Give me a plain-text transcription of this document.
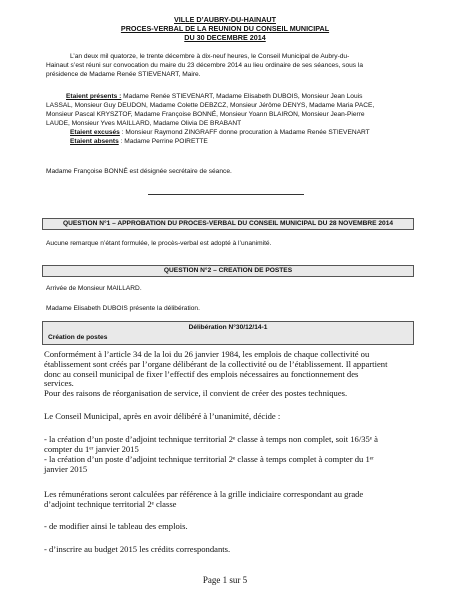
VILLE D’AUBRY-DU-HAINAUT
PROCES-VERBAL DE LA REUNION DU CONSEIL MUNICIPAL
DU 30 DECEMBRE 2014
L’an deux mil quatorze, le trente décembre à dix-neuf heures, le Conseil Municipal de Aubry-du-
Hainaut s’est réuni sur convocation du maire du 23 décembre 2014 au lieu ordinaire de ses séances, sous la
présidence de Madame Renée STIEVENART, Maire.
Etaient présents : Madame Renée STIEVENART, Madame Elisabeth DUBOIS, Monsieur Jean Louis
LASSAL, Monsieur Guy DEUDON, Madame Colette DEBZCZ, Monsieur Jérôme DENYS, Madame Maria PACE,
Monsieur Pascal KRYSZTOF, Madame Françoise BONNÉ, Monsieur Yoann BLAIRON, Monsieur Jean-Pierre
LAUDE, Monsieur Yves MAILLARD, Madame Olivia DE BRABANT
Etaient excusés : Monsieur Raymond ZINGRAFF donne procuration à Madame Renée STIEVENART
Etaient absents : Madame Perrine POIRETTE
Madame Françoise BONNÉ est désignée secrétaire de séance.
QUESTION N°1 – APPROBATION DU PROCES-VERBAL DU CONSEIL MUNICIPAL DU 28 NOVEMBRE 2014
Aucune remarque n’étant formulée, le procès-verbal est adopté à l’unanimité.
QUESTION N°2 – CREATION DE POSTES
Arrivée de Monsieur MAILLARD.
Madame Elisabeth DUBOIS présente la délibération.
Délibération N°30/12/14-1
Création de postes
Conformément à l’article 34 de la loi du 26 janvier 1984, les emplois de chaque collectivité ou
établissement sont créés par l’organe délibérant de la collectivité ou de l’établissement. Il appartient
donc au conseil municipal de fixer l’effectif des emplois nécessaires au fonctionnement des
services.
Pour des raisons de réorganisation de service, il convient de créer des postes techniques.
Le Conseil Municipal, après en avoir délibéré à l’unanimité, décide :
- la création d’un poste d’adjoint technique territorial 2ᵉ classe à temps non complet, soit 16/35ᵉ à
compter du 1ᵉʳ janvier 2015
- la création d’un poste d’adjoint technique territorial 2ᵉ classe à temps complet à compter du 1ᵉʳ
janvier 2015
Les rémunérations seront calculées par référence à la grille indiciaire correspondant au grade
d’adjoint technique territorial 2ᵉ classe
- de modifier ainsi le tableau des emplois.
- d’inscrire au budget 2015 les crédits correspondants.
Page 1 sur 5
